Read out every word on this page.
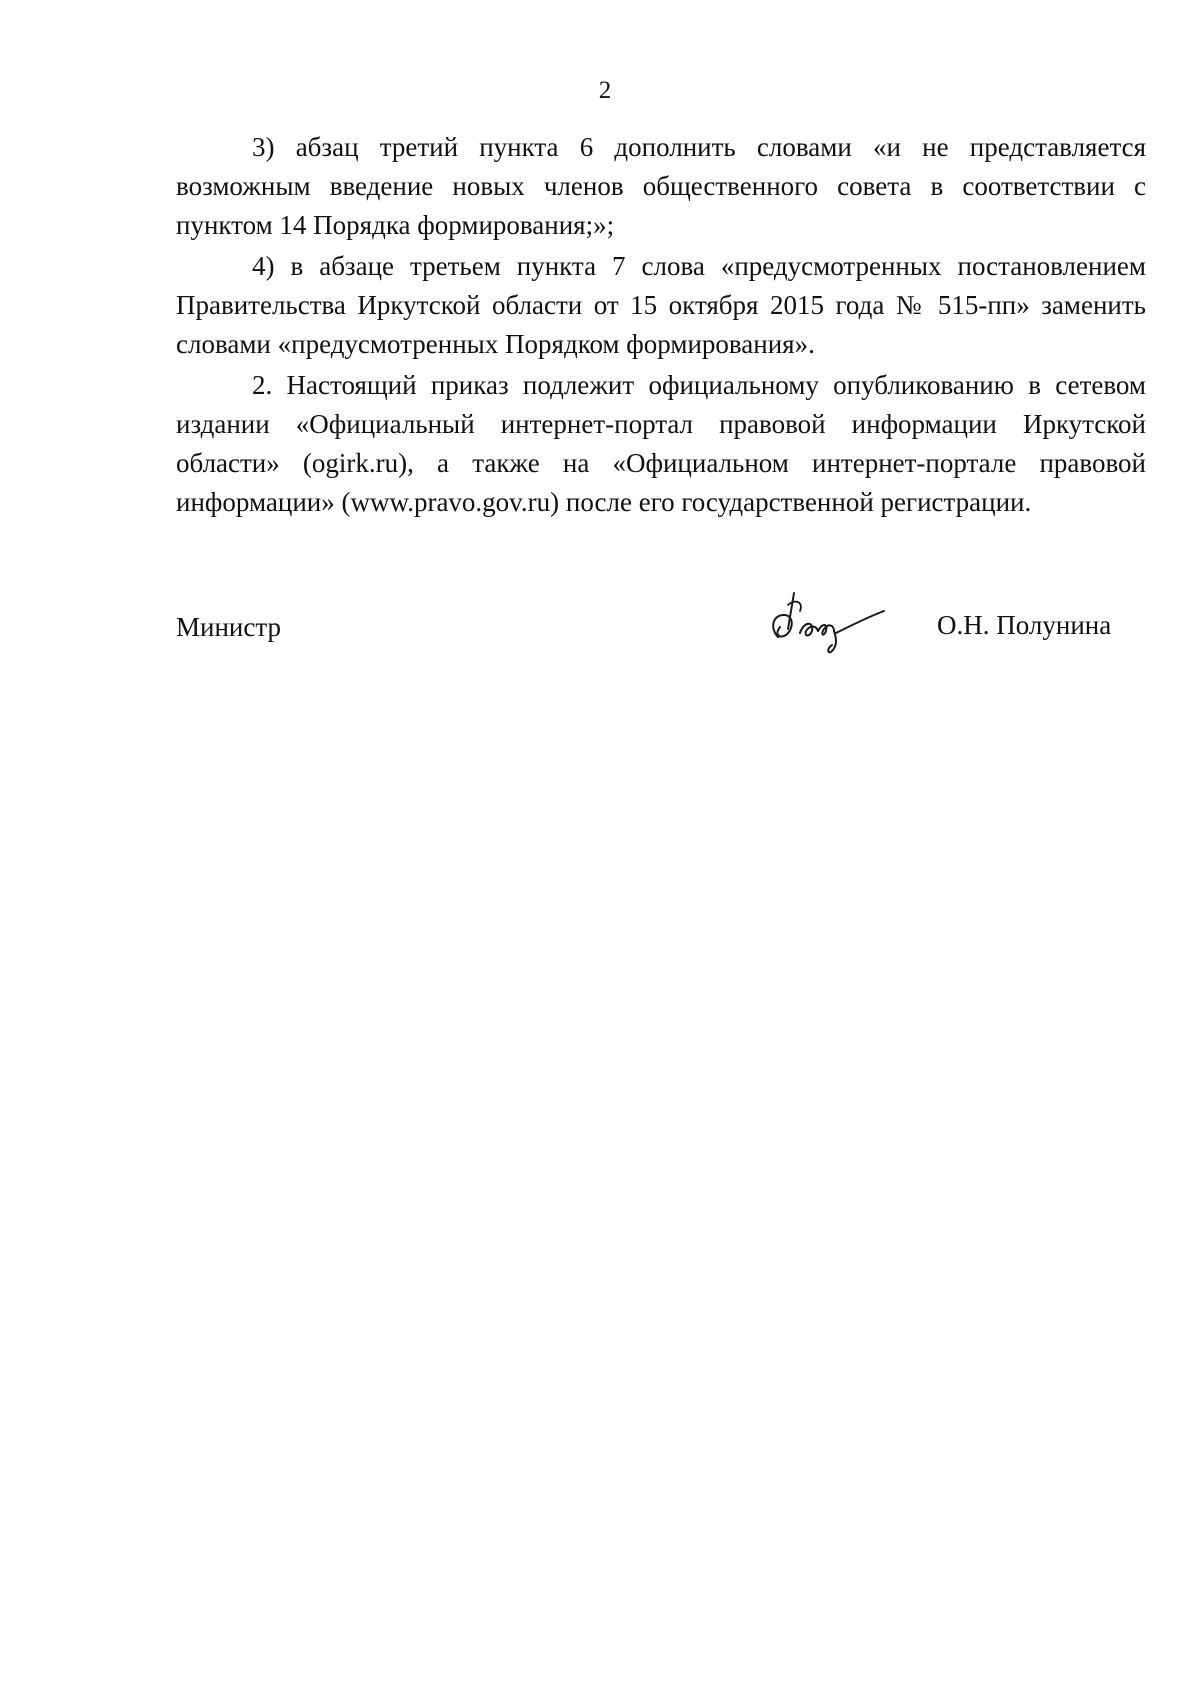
2

3) абзац третий пункта 6 дополнить словами «и не представляется возможным введение новых членов общественного совета в соответствии с пунктом 14 Порядка формирования;»;

4) в абзаце третьем пункта 7 слова «предусмотренных постановлением Правительства Иркутской области от 15 октября 2015 года № 515-пп» заменить словами «предусмотренных Порядком формирования».

2. Настоящий приказ подлежит официальному опубликованию в сетевом издании «Официальный интернет-портал правовой информации Иркутской области» (ogirk.ru), а также на «Официальном интернет-портале правовой информации» (www.pravo.gov.ru) после его государственной регистрации.

Министр	О.Н. Полунина
